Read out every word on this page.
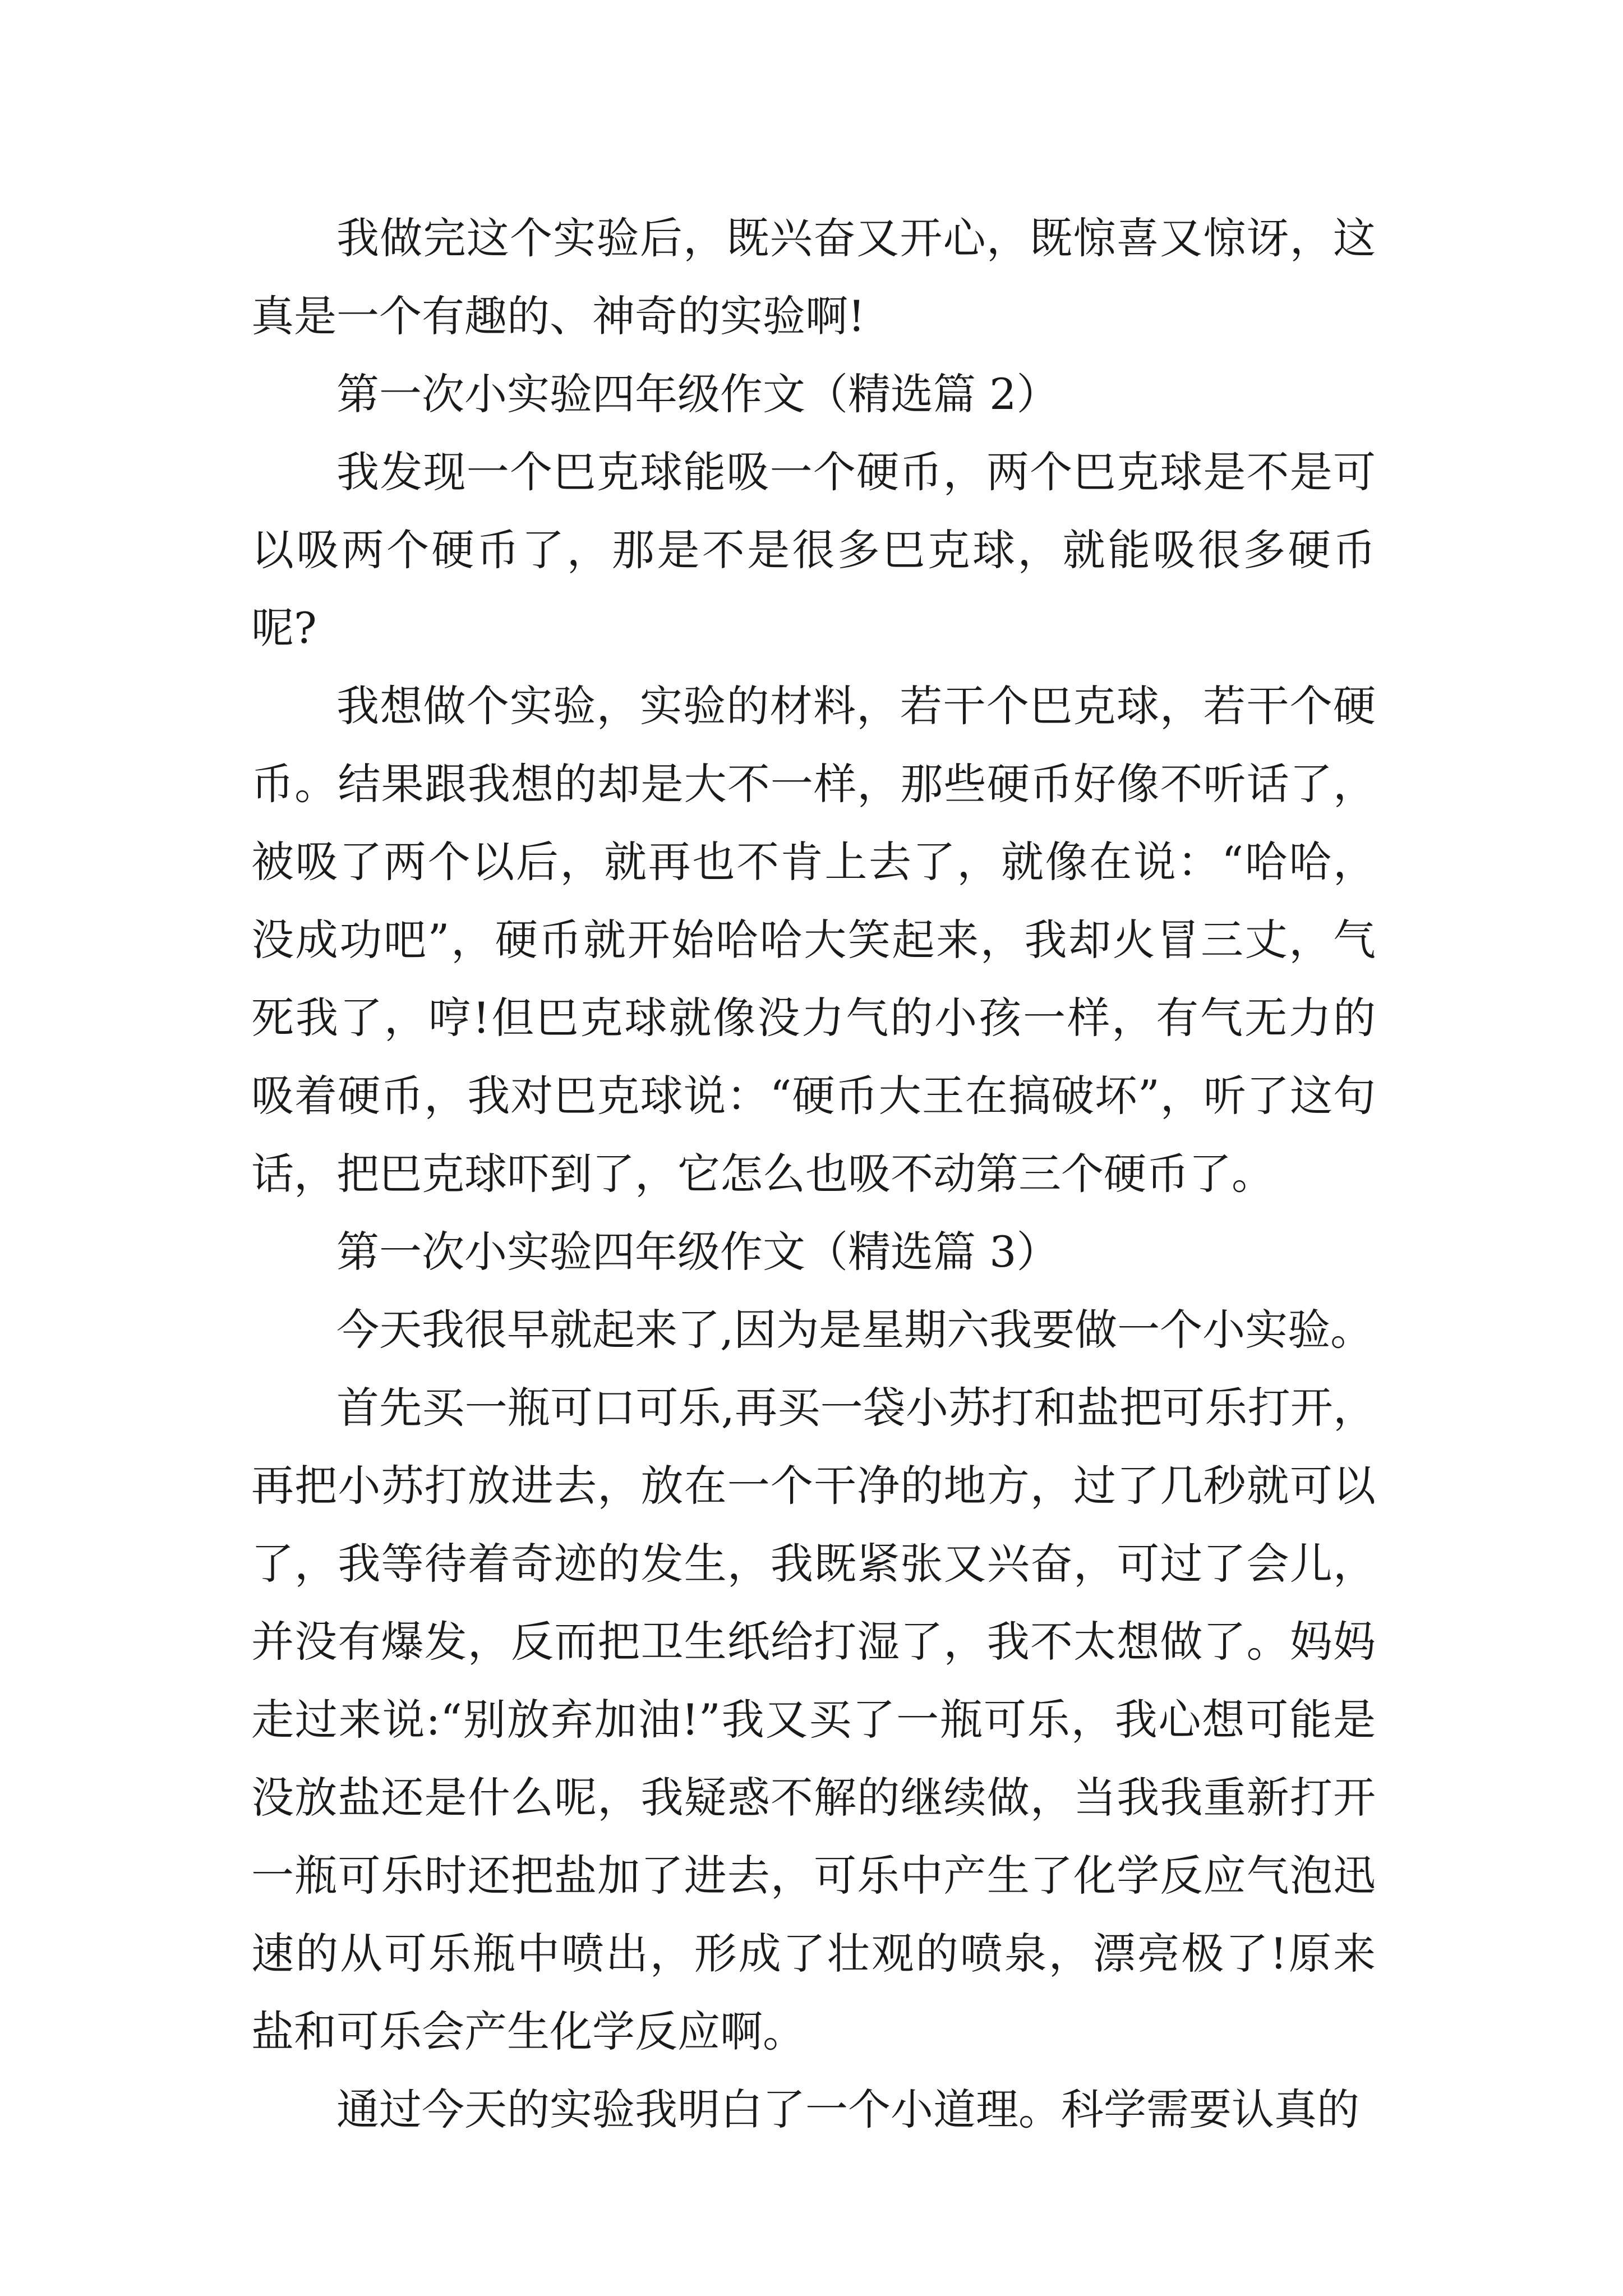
我做完这个实验后，既兴奋又开心，既惊喜又惊讶，这真是一个有趣的、神奇的实验啊!

第一次小实验四年级作文（精选篇 2）

我发现一个巴克球能吸一个硬币，两个巴克球是不是可以吸两个硬币了，那是不是很多巴克球，就能吸很多硬币呢?

我想做个实验，实验的材料，若干个巴克球，若干个硬币。结果跟我想的却是大不一样，那些硬币好像不听话了，被吸了两个以后，就再也不肯上去了，就像在说：“哈哈，没成功吧”，硬币就开始哈哈大笑起来，我却火冒三丈，气死我了，哼!但巴克球就像没力气的小孩一样，有气无力的吸着硬币，我对巴克球说：“硬币大王在搞破坏”，听了这句话，把巴克球吓到了，它怎么也吸不动第三个硬币了。

第一次小实验四年级作文（精选篇 3）

今天我很早就起来了,因为是星期六我要做一个小实验。

首先买一瓶可口可乐,再买一袋小苏打和盐把可乐打开，再把小苏打放进去，放在一个干净的地方，过了几秒就可以了，我等待着奇迹的发生，我既紧张又兴奋，可过了会儿，并没有爆发，反而把卫生纸给打湿了，我不太想做了。妈妈走过来说:“别放弃加油!”我又买了一瓶可乐，我心想可能是没放盐还是什么呢，我疑惑不解的继续做，当我我重新打开一瓶可乐时还把盐加了进去，可乐中产生了化学反应气泡迅速的从可乐瓶中喷出，形成了壮观的喷泉，漂亮极了!原来盐和可乐会产生化学反应啊。

通过今天的实验我明白了一个小道理。科学需要认真的
